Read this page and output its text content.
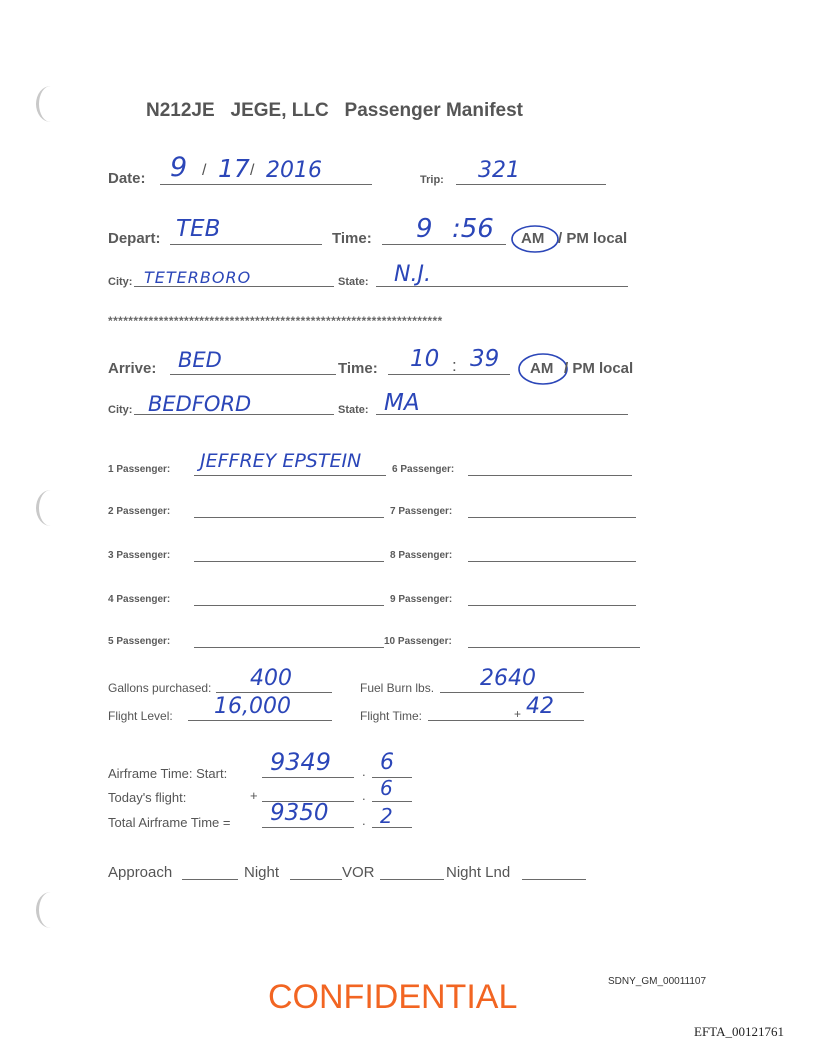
N212JE JEGE, LLC Passenger Manifest
Date: 9 / 17 / 2016	Trip: 321
Depart: TEB	Time: 9 :56 AM / PM local
City: TETERBORO	State: N.J.
******************************************************************
Arrive: BED	Time: 10 : 39 AM / PM local
City: BEDFORD	State: MA
1 Passenger: JEFFREY EPSTEIN
2 Passenger:
3 Passenger:
4 Passenger:
5 Passenger:
6 Passenger:
7 Passenger:
8 Passenger:
9 Passenger:
10 Passenger:
Gallons purchased: 400	Fuel Burn lbs. 2640
Flight Level: 16,000	Flight Time:	+ 42
Airframe Time: Start: 9349 . 6
Today's flight:	+	. 6
Total Airframe Time = 9350	. 2
Approach	Night	VOR	Night Lnd
CONFIDENTIAL	SDNY_GM_00011107
EFTA_00121761
